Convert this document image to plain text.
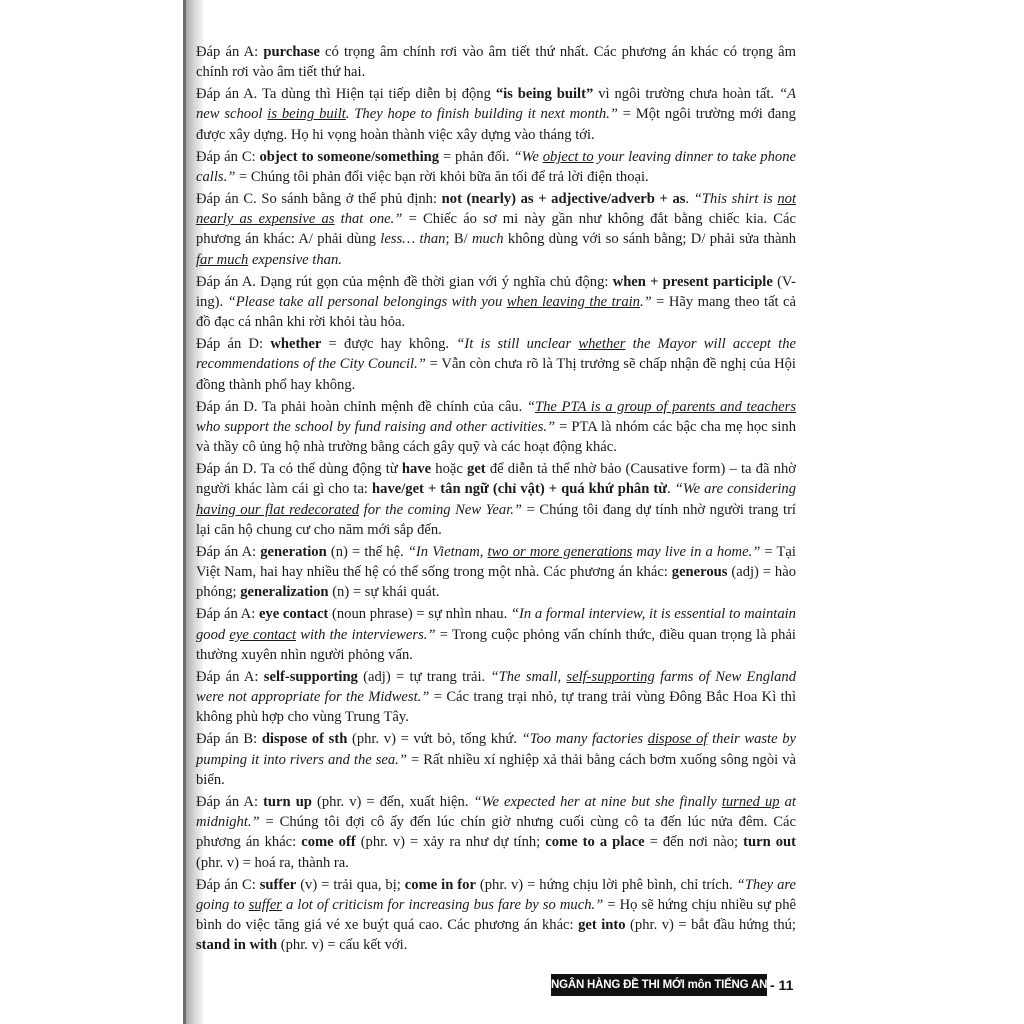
Đáp án A: purchase có trọng âm chính rơi vào âm tiết thứ nhất. Các phương án khác có trọng âm chính rơi vào âm tiết thứ hai.

Đáp án A. Ta dùng thì Hiện tại tiếp diễn bị động “is being built” vì ngôi trường chưa hoàn tất. “A new school is being built. They hope to finish building it next month.” = Một ngôi trường mới đang được xây dựng. Họ hi vọng hoàn thành việc xây dựng vào tháng tới.

Đáp án C: object to someone/something = phản đối. “We object to your leaving dinner to take phone calls.” = Chúng tôi phản đối việc bạn rời khỏi bữa ăn tối để trả lời điện thoại.

Đáp án C. So sánh bằng ở thể phủ định: not (nearly) as + adjective/adverb + as. “This shirt is not nearly as expensive as that one.” = Chiếc áo sơ mi này gần như không đắt bằng chiếc kia. Các phương án khác: A/ phải dùng less… than; B/ much không dùng với so sánh bằng; D/ phải sửa thành far much expensive than.

Đáp án A. Dạng rút gọn của mệnh đề thời gian với ý nghĩa chủ động: when + present participle (V-ing). “Please take all personal belongings with you when leaving the train.” = Hãy mang theo tất cả đồ đạc cá nhân khi rời khỏi tàu hỏa.

Đáp án D: whether = được hay không. “It is still unclear whether the Mayor will accept the recommendations of the City Council.” = Vẫn còn chưa rõ là Thị trưởng sẽ chấp nhận đề nghị của Hội đồng thành phố hay không.

Đáp án D. Ta phải hoàn chỉnh mệnh đề chính của câu. “The PTA is a group of parents and teachers who support the school by fund raising and other activities.” = PTA là nhóm các bậc cha mẹ học sinh và thầy cô ủng hộ nhà trường bằng cách gây quỹ và các hoạt động khác.

Đáp án D. Ta có thể dùng động từ have hoặc get để diễn tả thể nhờ bảo (Causative form) – ta đã nhờ người khác làm cái gì cho ta: have/get + tân ngữ (chỉ vật) + quá khứ phân từ. “We are considering having our flat redecorated for the coming New Year.” = Chúng tôi đang dự tính nhờ người trang trí lại căn hộ chung cư cho năm mới sắp đến.

Đáp án A: generation (n) = thế hệ. “In Vietnam, two or more generations may live in a home.” = Tại Việt Nam, hai hay nhiều thế hệ có thể sống trong một nhà. Các phương án khác: generous (adj) = hào phóng; generalization (n) = sự khái quát.

Đáp án A: eye contact (noun phrase) = sự nhìn nhau. “In a formal interview, it is essential to maintain good eye contact with the interviewers.” = Trong cuộc phỏng vấn chính thức, điều quan trọng là phải thường xuyên nhìn người phỏng vấn.

Đáp án A: self-supporting (adj) = tự trang trải. “The small, self-supporting farms of New England were not appropriate for the Midwest.” = Các trang trại nhỏ, tự trang trải vùng Đông Bắc Hoa Kì thì không phù hợp cho vùng Trung Tây.

Đáp án B: dispose of sth (phr. v) = vứt bỏ, tống khứ. “Too many factories dispose of their waste by pumping it into rivers and the sea.” = Rất nhiều xí nghiệp xả thải bằng cách bơm xuống sông ngòi và biển.

Đáp án A: turn up (phr. v) = đến, xuất hiện. “We expected her at nine but she finally turned up at midnight.” = Chúng tôi đợi cô ấy đến lúc chín giờ nhưng cuối cùng cô ta đến lúc nửa đêm. Các phương án khác: come off (phr. v) = xảy ra như dự tính; come to a place = đến nơi nào; turn out (phr. v) = hoá ra, thành ra.

Đáp án C: suffer (v) = trải qua, bị; come in for (phr. v) = hứng chịu lời phê bình, chỉ trích. “They are going to suffer a lot of criticism for increasing bus fare by so much.” = Họ sẽ hứng chịu nhiều sự phê bình do việc tăng giá vé xe buýt quá cao. Các phương án khác: get into (phr. v) = bắt đầu hứng thú; stand in with (phr. v) = cấu kết với.

NGÂN HÀNG ĐỀ THI MỚI môn TIẾNG ANH
- 11
